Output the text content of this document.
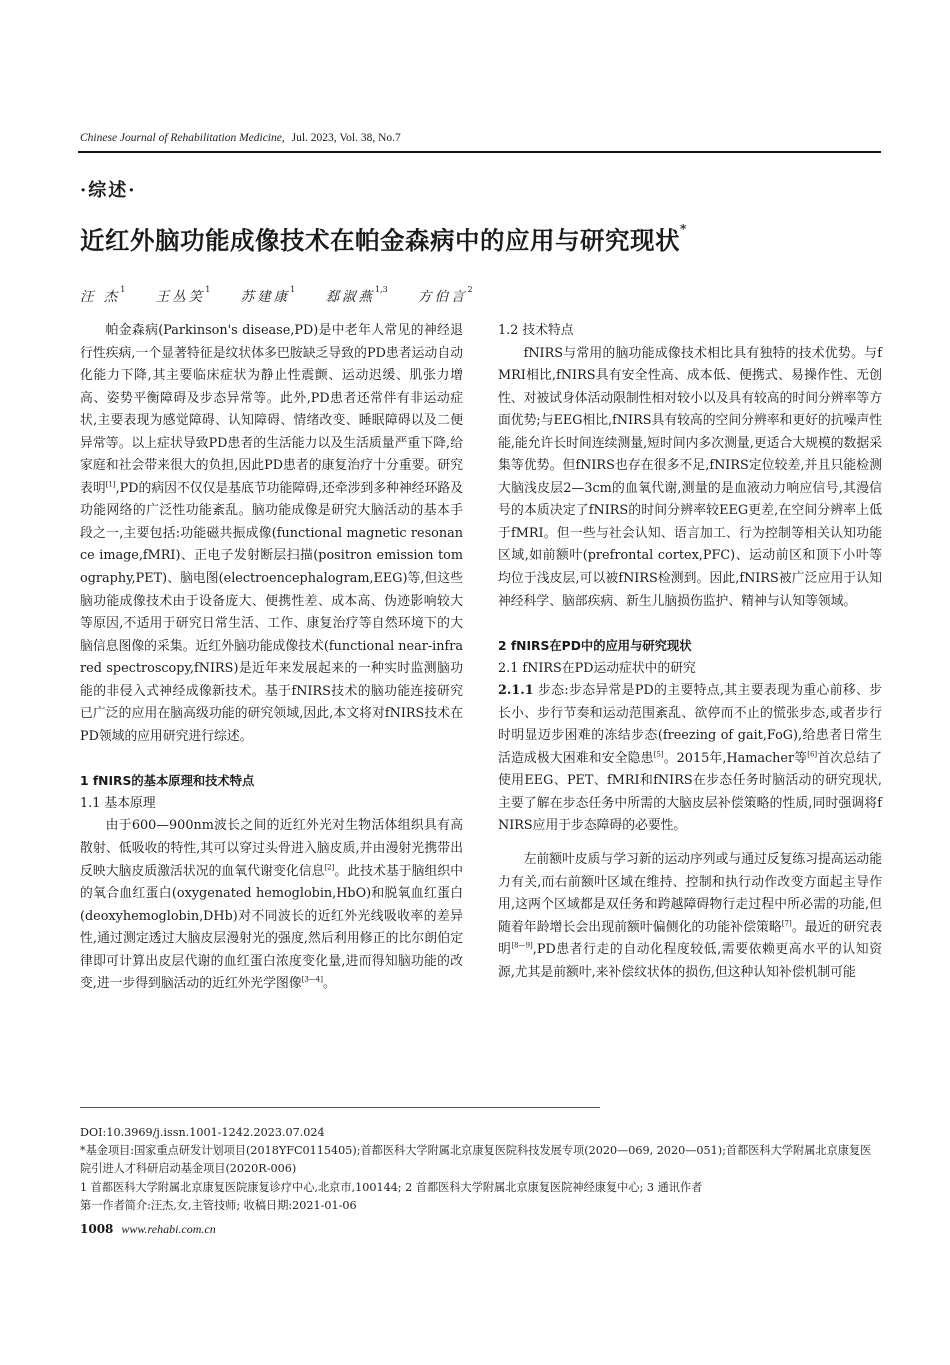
Chinese Journal of Rehabilitation Medicine, Jul. 2023, Vol. 38, No.7
·综述·
近红外脑功能成像技术在帕金森病中的应用与研究现状*
汪 杰$^1$ 王丛笑$^1$ 苏建康$^1$ 郄淑燕$^{1,3}$ 方伯言$^2$

帕金森病(Parkinson's disease,PD)是中老年人常见的神经退行性疾病,一个显著特征是纹状体多巴胺缺乏导致的PD患者运动自动化能力下降,其主要临床症状为静止性震颤、运动迟缓、肌张力增高、姿势平衡障碍及步态异常等。此外,PD患者还常伴有非运动症状,主要表现为感觉障碍、认知障碍、情绪改变、睡眠障碍以及二便异常等。以上症状导致PD患者的生活能力以及生活质量严重下降,给家庭和社会带来很大的负担,因此PD患者的康复治疗十分重要。研究表明[1],PD的病因不仅仅是基底节功能障碍,还牵涉到多种神经环路及功能网络的广泛性功能紊乱。脑功能成像是研究大脑活动的基本手段之一,主要包括:功能磁共振成像(functional magnetic resonance image,fMRI)、正电子发射断层扫描(positron emission tomography,PET)、脑电图(electroencephalogram,EEG)等,但这些脑功能成像技术由于设备庞大、便携性差、成本高、伪迹影响较大等原因,不适用于研究日常生活、工作、康复治疗等自然环境下的大脑信息图像的采集。近红外脑功能成像技术(functional near-infrared spectroscopy,fNIRS)是近年来发展起来的一种实时监测脑功能的非侵入式神经成像新技术。基于fNIRS技术的脑功能连接研究已广泛的应用在脑高级功能的研究领域,因此,本文将对fNIRS技术在PD领域的应用研究进行综述。

1 fNIRS的基本原理和技术特点

1.1 基本原理

由于600—900nm波长之间的近红外光对生物活体组织具有高散射、低吸收的特性,其可以穿过头骨进入脑皮质,并由漫射光携带出反映大脑皮质激活状况的血氧代谢变化信息[2]。此技术基于脑组织中的氧合血红蛋白(oxygenated hemoglobin,HbO)和脱氧血红蛋白(deoxyhemoglobin,DHb)对不同波长的近红外光线吸收率的差异性,通过测定透过大脑皮层漫射光的强度,然后利用修正的比尔朗伯定律即可计算出皮层代谢的血红蛋白浓度变化量,进而得知脑功能的改变,进一步得到脑活动的近红外光学图像[3—4]。

1.2 技术特点

fNIRS与常用的脑功能成像技术相比具有独特的技术优势。与fMRI相比,fNIRS具有安全性高、成本低、便携式、易操作性、无创性、对被试身体活动限制性相对较小以及具有较高的时间分辨率等方面优势;与EEG相比,fNIRS具有较高的空间分辨率和更好的抗噪声性能,能允许长时间连续测量,短时间内多次测量,更适合大规模的数据采集等优势。但fNIRS也存在很多不足,fNIRS定位较差,并且只能检测大脑浅皮层2—3cm的血氧代谢,测量的是血液动力响应信号,其漫信号的本质决定了fNIRS的时间分辨率较EEG更差,在空间分辨率上低于fMRI。但一些与社会认知、语言加工、行为控制等相关认知功能区域,如前额叶(prefrontal cortex,PFC)、运动前区和顶下小叶等均位于浅皮层,可以被fNIRS检测到。因此,fNIRS被广泛应用于认知神经科学、脑部疾病、新生儿脑损伤监护、精神与认知等领域。

2 fNIRS在PD中的应用与研究现状

2.1 fNIRS在PD运动症状中的研究

2.1.1 步态:步态异常是PD的主要特点,其主要表现为重心前移、步长小、步行节奏和运动范围紊乱、欲停而不止的慌张步态,或者步行时明显迈步困难的冻结步态(freezing of gait,FoG),给患者日常生活造成极大困难和安全隐患[5]。2015年,Hamacher等[6]首次总结了使用EEG、PET、fMRI和fNIRS在步态任务时脑活动的研究现状,主要了解在步态任务中所需的大脑皮层补偿策略的性质,同时强调将fNIRS应用于步态障碍的必要性。

左前额叶皮质与学习新的运动序列或与通过反复练习提高运动能力有关,而右前额叶区域在维持、控制和执行动作改变方面起主导作用,这两个区域都是双任务和跨越障碍物行走过程中所必需的功能,但随着年龄增长会出现前额叶偏侧化的功能补偿策略[7]。最近的研究表明[8—9],PD患者行走的自动化程度较低,需要依赖更高水平的认知资源,尤其是前额叶,来补偿纹状体的损伤,但这种认知补偿机制可能

DOI:10.3969/j.issn.1001-1242.2023.07.024
*基金项目:国家重点研发计划项目(2018YFC0115405);首都医科大学附属北京康复医院科技发展专项(2020—069, 2020—051);首都医科大学附属北京康复医院引进人才科研启动基金项目(2020R-006)
1 首都医科大学附属北京康复医院康复诊疗中心,北京市,100144; 2 首都医科大学附属北京康复医院神经康复中心; 3 通讯作者
第一作者简介:汪杰,女,主管技师; 收稿日期:2021-01-06
1008 www.rehabi.com.cn
